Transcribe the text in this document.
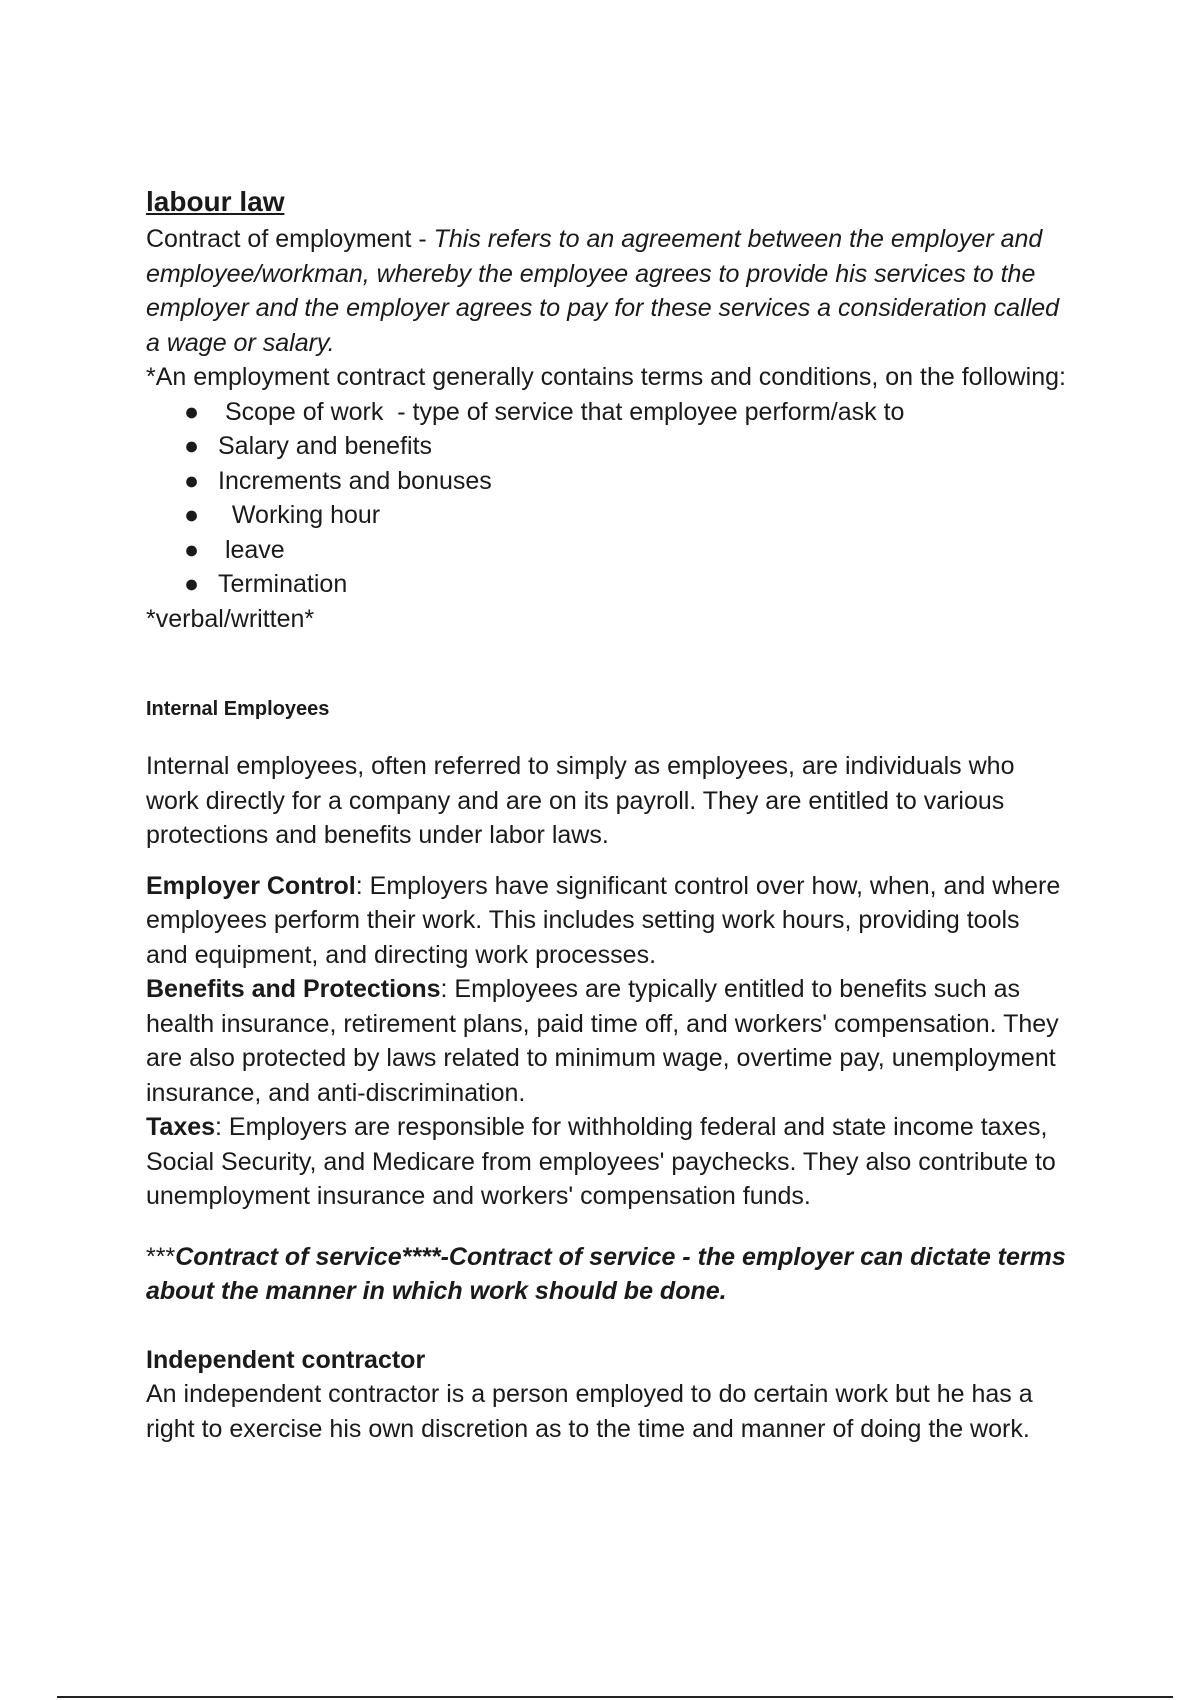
labour law

Contract of employment - This refers to an agreement between the employer and employee/workman, whereby the employee agrees to provide his services to the employer and the employer agrees to pay for these services a consideration called a wage or salary.

*An employment contract generally contains terms and conditions, on the following:

● Scope of work  - type of service that employee perform/ask to
● Salary and benefits
● Increments and bonuses
● Working hour
● leave
● Termination

*verbal/written*

Internal Employees

Internal employees, often referred to simply as employees, are individuals who work directly for a company and are on its payroll. They are entitled to various protections and benefits under labor laws.

Employer Control: Employers have significant control over how, when, and where employees perform their work. This includes setting work hours, providing tools and equipment, and directing work processes.

Benefits and Protections: Employees are typically entitled to benefits such as health insurance, retirement plans, paid time off, and workers' compensation. They are also protected by laws related to minimum wage, overtime pay, unemployment insurance, and anti-discrimination.

Taxes: Employers are responsible for withholding federal and state income taxes, Social Security, and Medicare from employees' paychecks. They also contribute to unemployment insurance and workers' compensation funds.

***Contract of service****-Contract of service - the employer can dictate terms about the manner in which work should be done.

Independent contractor

An independent contractor is a person employed to do certain work but he has a right to exercise his own discretion as to the time and manner of doing the work.
